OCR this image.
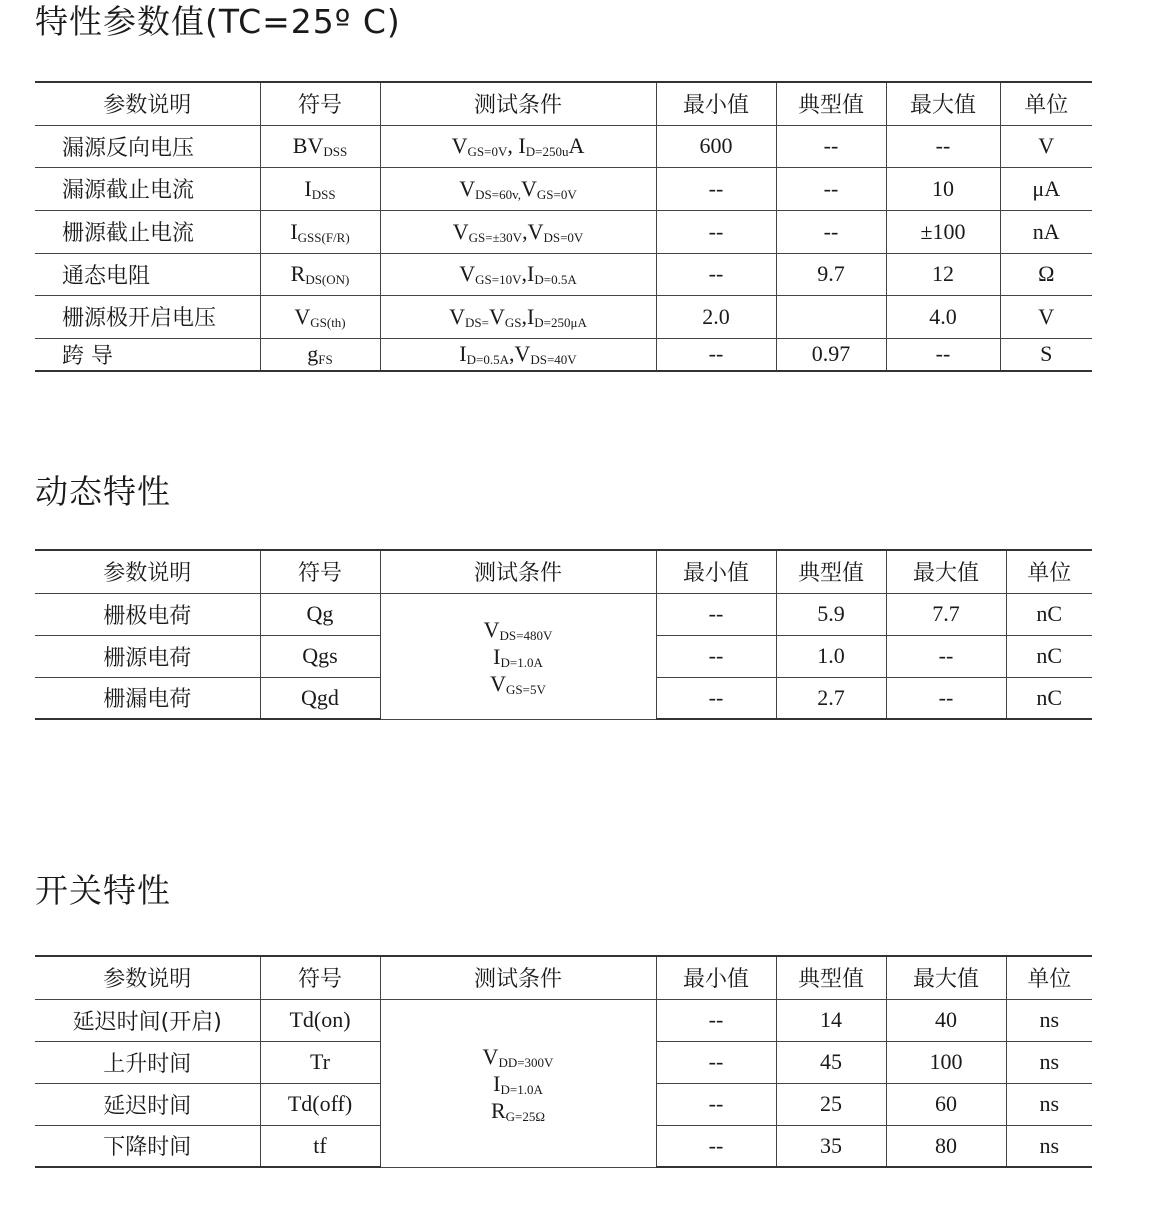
特性参数值(TC=25º C)
参数说明	符号	测试条件	最小值	典型值	最大值	单位
漏源反向电压	$BV_{DSS}$	$V_{GS=0V}$, $I_{D=250u}A$	600	--	--	V
漏源截止电流	$I_{DSS}$	$V_{DS=60v,}V_{GS=0V}$	--	--	10	μA
栅源截止电流	$I_{GSS(F/R)}$	$V_{GS=\pm 30V},V_{DS=0V}$	--	--	±100	nA
通态电阻	$R_{DS(ON)}$	$V_{GS=10V},I_{D=0.5A}$	--	9.7	12	Ω
栅源极开启电压	$V_{GS(th)}$	$V_{DS=}V_{GS},I_{D=250\mu A}$	2.0		4.0	V
跨 导	$g_{FS}$	$I_{D=0.5A},V_{DS=40V}$	--	0.97	--	S
动态特性
参数说明	符号	测试条件	最小值	典型值	最大值	单位
栅极电荷	Qg	$V_{DS=480V}$
$I_{D=1.0A}$
$V_{GS=5V}$	--	5.9	7.7	nC
栅源电荷	Qgs		--	1.0	--	nC
栅漏电荷	Qgd		--	2.7	--	nC
开关特性
参数说明	符号	测试条件	最小值	典型值	最大值	单位
延迟时间(开启)	Td(on)	$V_{DD=300V}$
$I_{D=1.0A}$
$R_{G=25\Omega}$	--	14	40	ns
上升时间	Tr		--	45	100	ns
延迟时间	Td(off)		--	25	60	ns
下降时间	tf		--	35	80	ns
